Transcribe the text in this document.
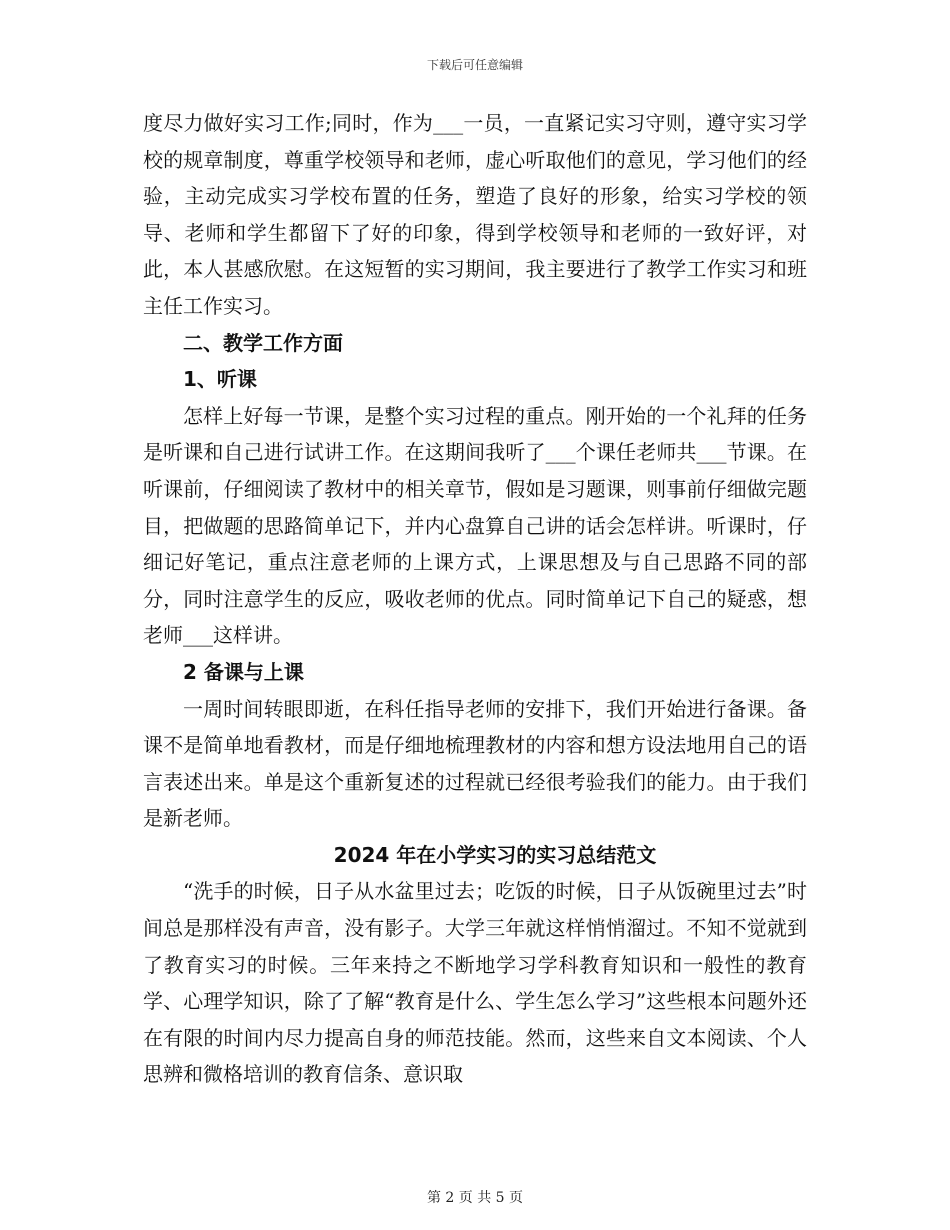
下载后可任意编辑

度尽力做好实习工作;同时，作为___一员，一直紧记实习守则，遵守实习学校的规章制度，尊重学校领导和老师，虚心听取他们的意见，学习他们的经验，主动完成实习学校布置的任务，塑造了良好的形象，给实习学校的领导、老师和学生都留下了好的印象，得到学校领导和老师的一致好评，对此，本人甚感欣慰。在这短暂的实习期间，我主要进行了教学工作实习和班主任工作实习。

二、教学工作方面

1、听课

怎样上好每一节课，是整个实习过程的重点。刚开始的一个礼拜的任务是听课和自己进行试讲工作。在这期间我听了___个课任老师共___节课。在听课前，仔细阅读了教材中的相关章节，假如是习题课，则事前仔细做完题目，把做题的思路简单记下，并内心盘算自己讲的话会怎样讲。听课时，仔细记好笔记，重点注意老师的上课方式，上课思想及与自己思路不同的部分，同时注意学生的反应，吸收老师的优点。同时简单记下自己的疑惑，想老师___这样讲。

2 备课与上课

一周时间转眼即逝，在科任指导老师的安排下，我们开始进行备课。备课不是简单地看教材，而是仔细地梳理教材的内容和想方设法地用自己的语言表述出来。单是这个重新复述的过程就已经很考验我们的能力。由于我们是新老师。

2024 年在小学实习的实习总结范文

“洗手的时候，日子从水盆里过去；吃饭的时候，日子从饭碗里过去”时间总是那样没有声音，没有影子。大学三年就这样悄悄溜过。不知不觉就到了教育实习的时候。三年来持之不断地学习学科教育知识和一般性的教育学、心理学知识，除了了解“教育是什么、学生怎么学习”这些根本问题外还在有限的时间内尽力提高自身的师范技能。然而，这些来自文本阅读、个人思辨和微格培训的教育信条、意识取

第 2 页 共 5 页
